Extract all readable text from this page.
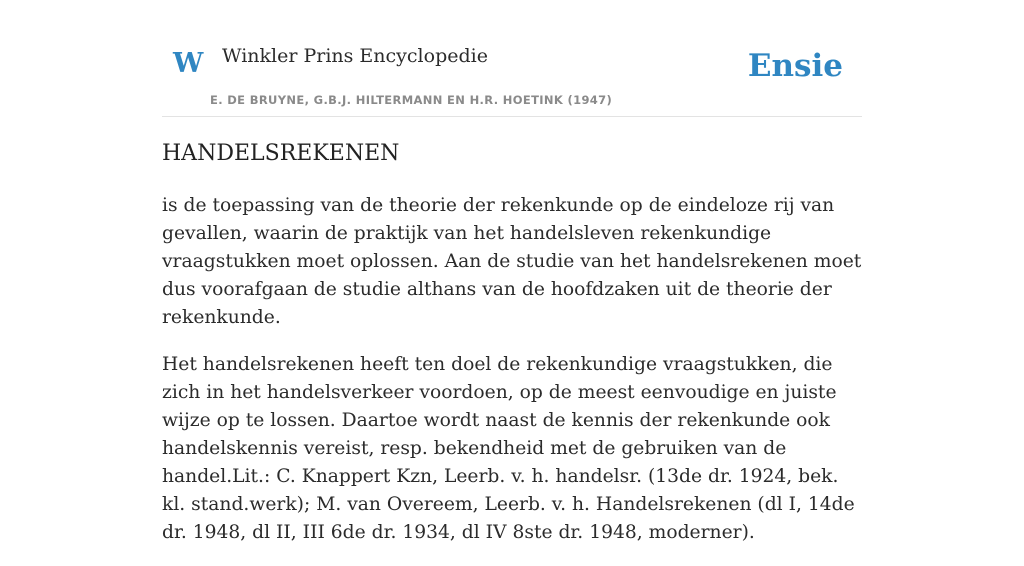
W Winkler Prins Encyclopedie
E. DE BRUYNE, G.B.J. HILTERMANN EN H.R. HOETINK (1947)
Ensie
HANDELSREKENEN

is de toepassing van de theorie der rekenkunde op de eindeloze rij van gevallen, waarin de praktijk van het handelsleven rekenkundige vraagstukken moet oplossen. Aan de studie van het handelsrekenen moet dus voorafgaan de studie althans van de hoofdzaken uit de theorie der rekenkunde.

Het handelsrekenen heeft ten doel de rekenkundige vraagstukken, die zich in het handelsverkeer voordoen, op de meest eenvoudige en juiste wijze op te lossen. Daartoe wordt naast de kennis der rekenkunde ook handelskennis vereist, resp. bekendheid met de gebruiken van de handel.Lit.: C. Knappert Kzn, Leerb. v. h. handelsr. (13de dr. 1924, bek. kl. stand.werk); M. van Overeem, Leerb. v. h. Handelsrekenen (dl I, 14de dr. 1948, dl II, III 6de dr. 1934, dl IV 8ste dr. 1948, moderner).
